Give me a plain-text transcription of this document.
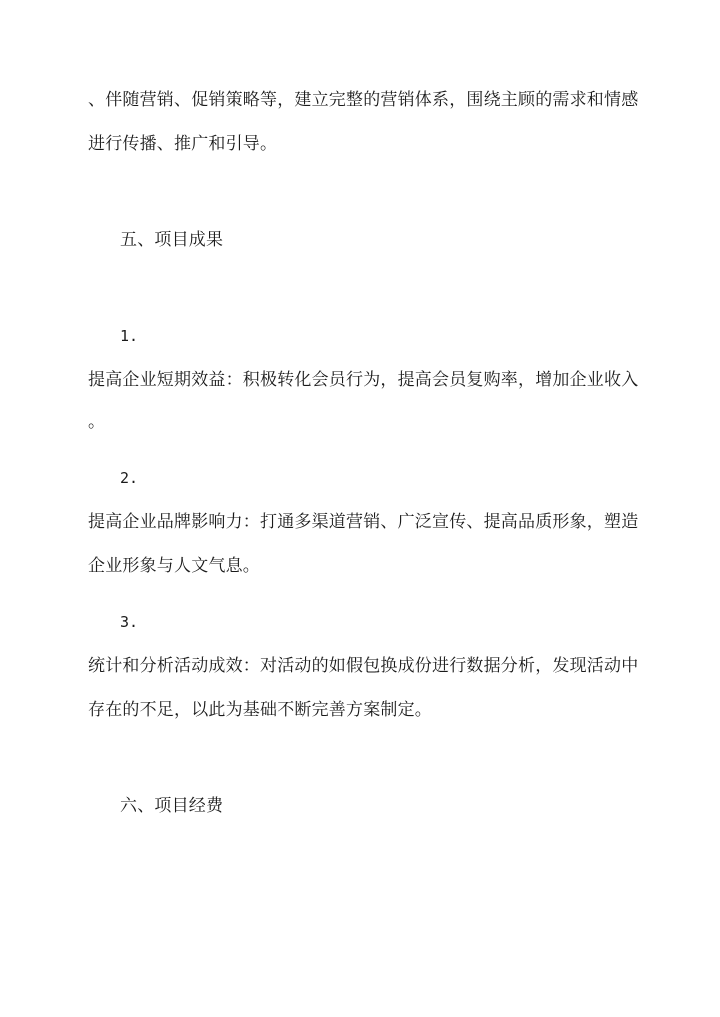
、伴随营销、促销策略等，建立完整的营销体系，围绕主顾的需求和情感
进行传播、推广和引导。
五、项目成果
1.
提高企业短期效益：积极转化会员行为，提高会员复购率，增加企业收入
。
2.
提高企业品牌影响力：打通多渠道营销、广泛宣传、提高品质形象，塑造
企业形象与人文气息。
3.
统计和分析活动成效：对活动的如假包换成份进行数据分析，发现活动中
存在的不足，以此为基础不断完善方案制定。
六、项目经费
